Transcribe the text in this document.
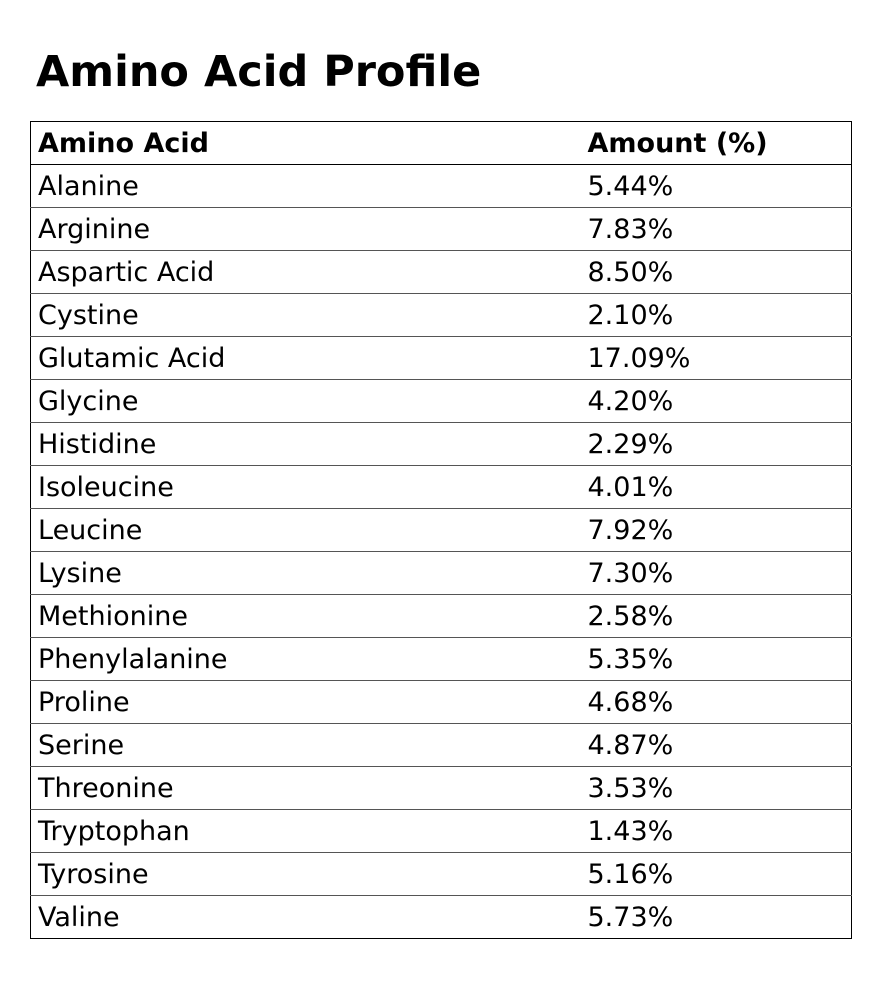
Amino Acid Profile
Amino Acid	Amount (%)
Alanine	5.44%
Arginine	7.83%
Aspartic Acid	8.50%
Cystine	2.10%
Glutamic Acid	17.09%
Glycine	4.20%
Histidine	2.29%
Isoleucine	4.01%
Leucine	7.92%
Lysine	7.30%
Methionine	2.58%
Phenylalanine	5.35%
Proline	4.68%
Serine	4.87%
Threonine	3.53%
Tryptophan	1.43%
Tyrosine	5.16%
Valine	5.73%
